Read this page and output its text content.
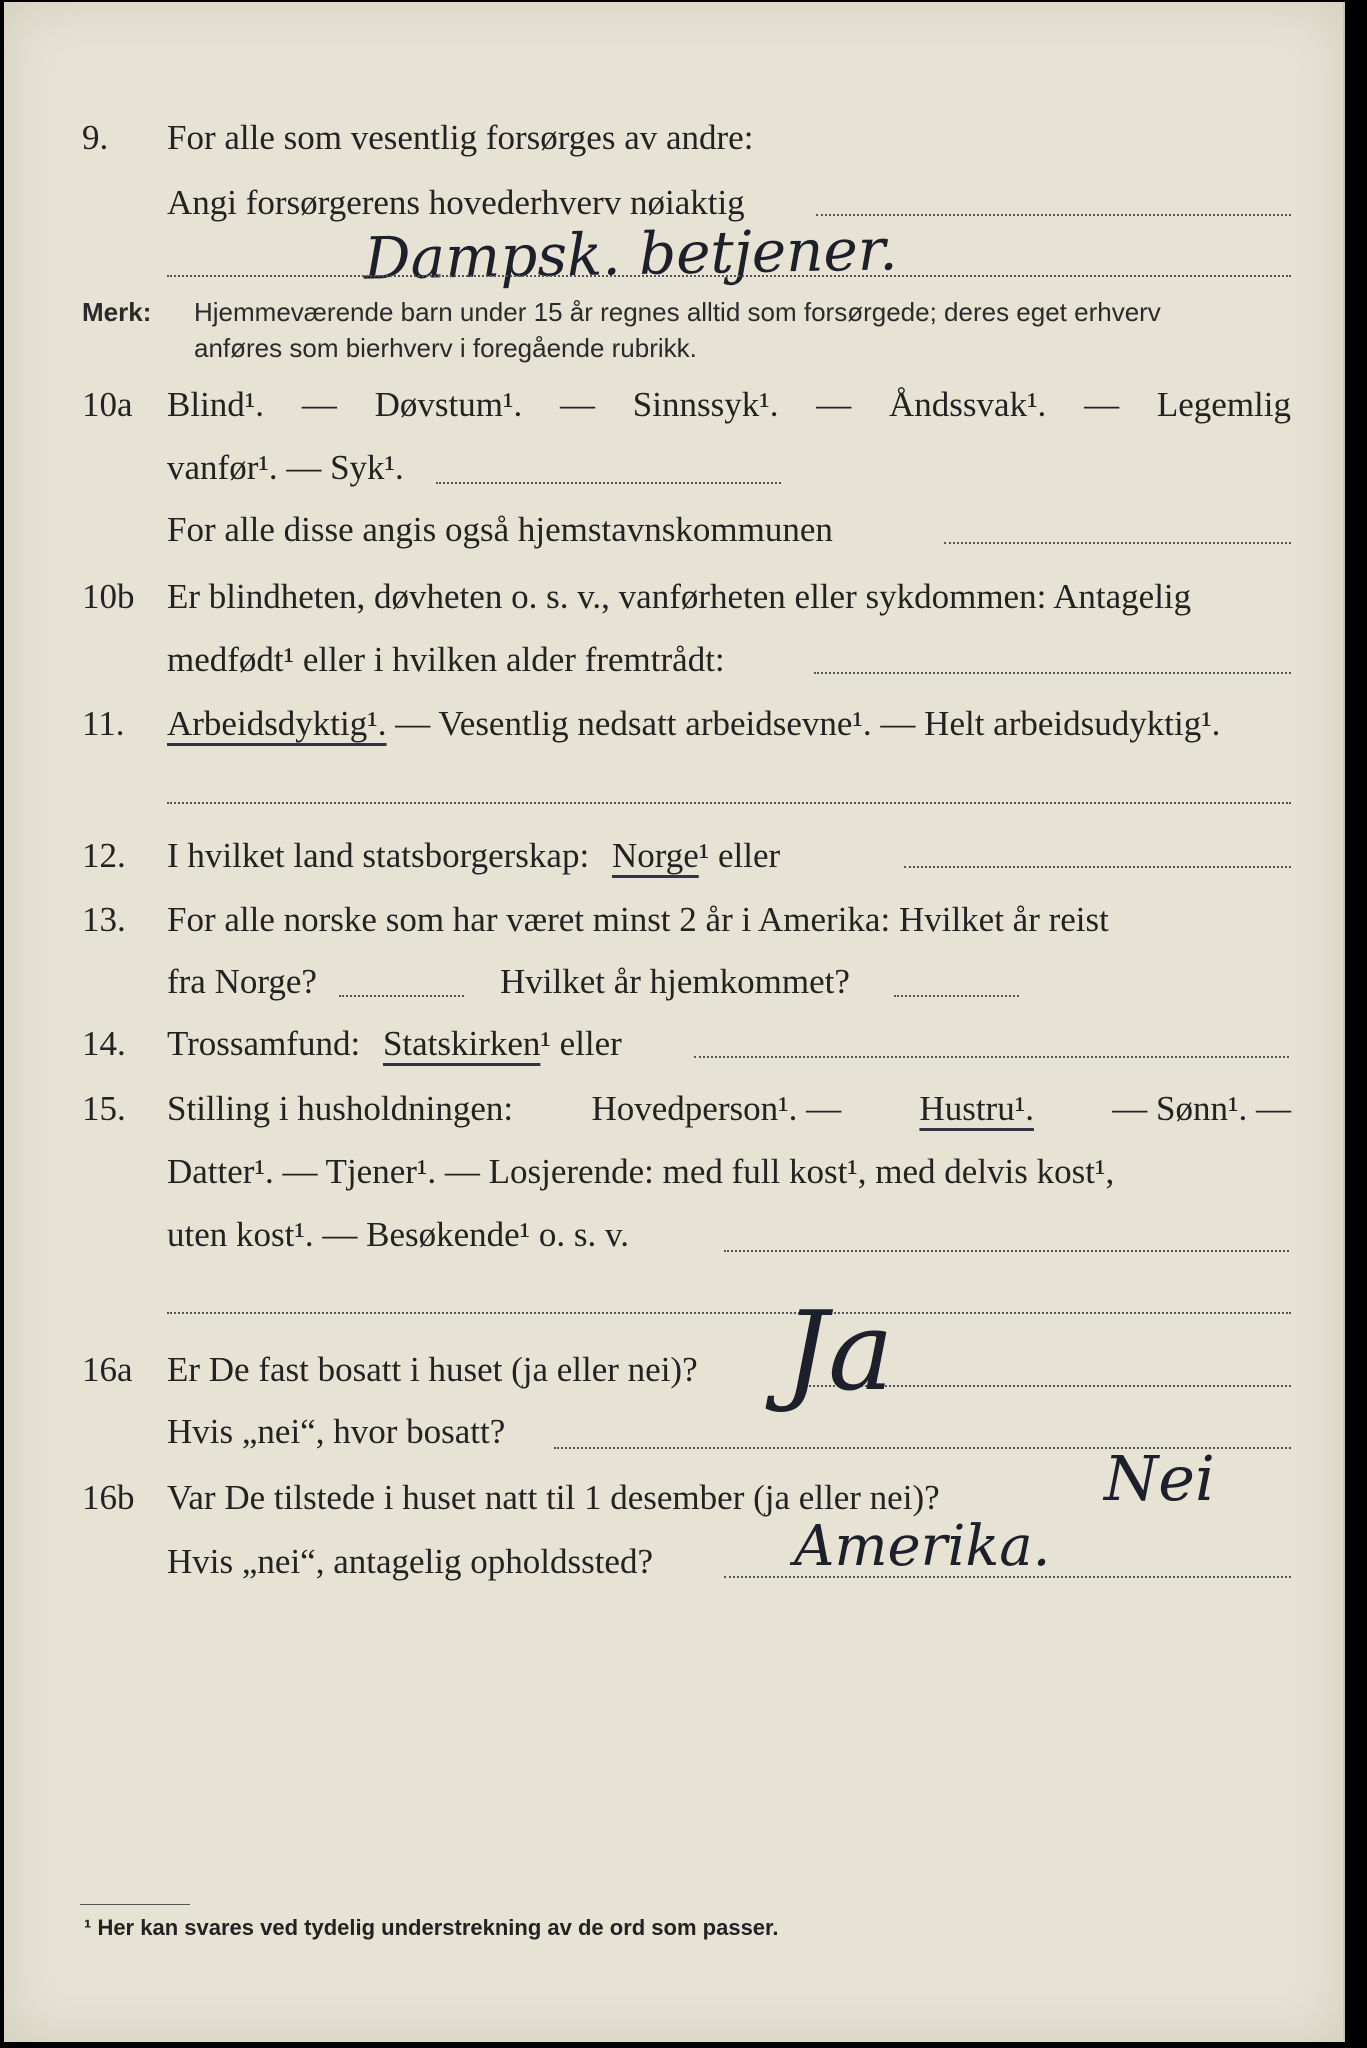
9. For alle som vesentlig forsørges av andre:
Angi forsørgerens hovederhverv nøiaktig
Dampsk. betjener.
Merk: Hjemmeværende barn under 15 år regnes alltid som forsørgede; deres eget erhverv
anføres som bierhverv i foregående rubrikk.
10a Blind¹. — Døvstum¹. — Sinnssyk¹. — Åndssvak¹. — Legemlig
vanfør¹. — Syk¹.
For alle disse angis også hjemstavnskommunen
10b Er blindheten, døvheten o. s. v., vanførheten eller sykdommen: Antagelig
medfødt¹ eller i hvilken alder fremtrådt:
11. Arbeidsdyktig¹. — Vesentlig nedsatt arbeidsevne¹. — Helt arbeidsudyktig¹.
12. I hvilket land statsborgerskap: Norge¹ eller
13. For alle norske som har været minst 2 år i Amerika: Hvilket år reist
fra Norge?	Hvilket år hjemkommet?
14. Trossamfund: Statskirken¹ eller
15. Stilling i husholdningen: Hovedperson¹. — Hustru¹. — Sønn¹. —
Datter¹. — Tjener¹. — Losjerende: med full kost¹, med delvis kost¹,
uten kost¹. — Besøkende¹ o. s. v.
16a Er De fast bosatt i huset (ja eller nei)? Ja
Hvis „nei“, hvor bosatt?
16b Var De tilstede i huset natt til 1 desember (ja eller nei)?	Nei
Hvis „nei“, antagelig opholdssted?	Amerika.
¹ Her kan svares ved tydelig understrekning av de ord som passer.
